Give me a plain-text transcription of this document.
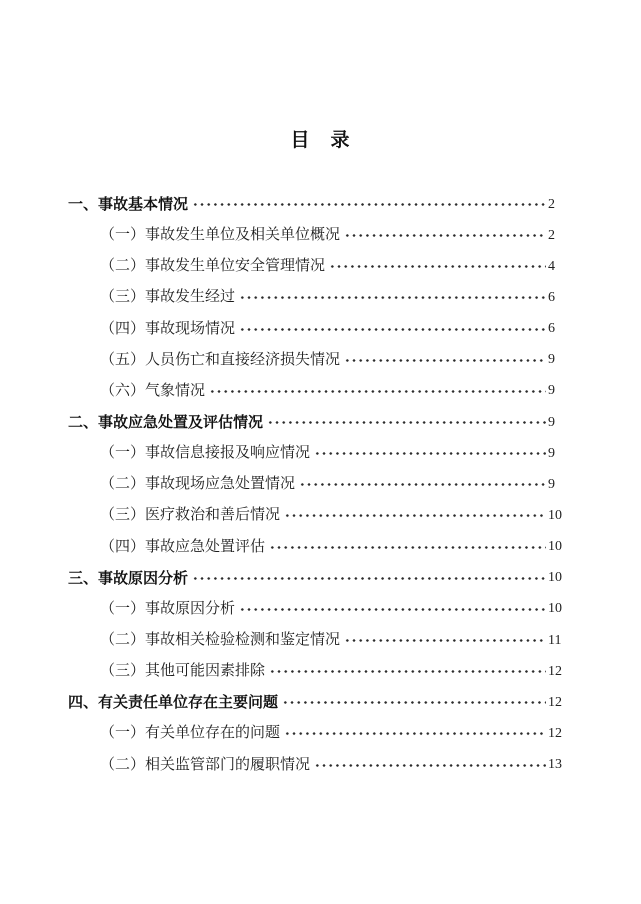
目　录
一、事故基本情况	2
（一）事故发生单位及相关单位概况	2
（二）事故发生单位安全管理情况	4
（三）事故发生经过	6
（四）事故现场情况	6
（五）人员伤亡和直接经济损失情况	9
（六）气象情况	9
二、事故应急处置及评估情况	9
（一）事故信息接报及响应情况	9
（二）事故现场应急处置情况	9
（三）医疗救治和善后情况	10
（四）事故应急处置评估	10
三、事故原因分析	10
（一）事故原因分析	10
（二）事故相关检验检测和鉴定情况	11
（三）其他可能因素排除	12
四、有关责任单位存在主要问题	12
（一）有关单位存在的问题	12
（二）相关监管部门的履职情况	13
